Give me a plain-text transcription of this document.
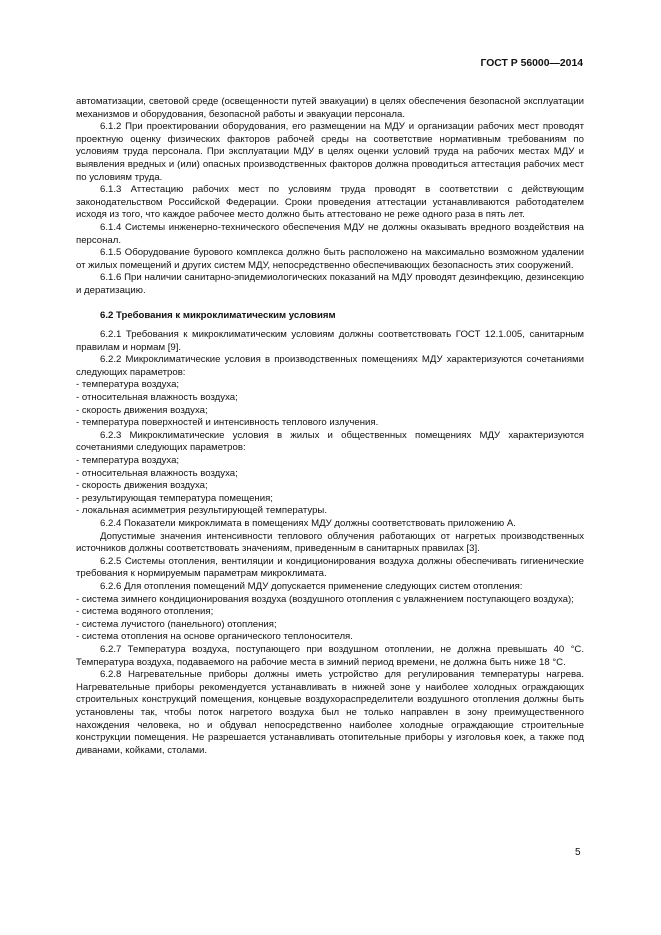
ГОСТ Р 56000—2014

автоматизации, световой среде (освещенности путей эвакуации) в целях обеспечения безопасной эксплуатации механизмов и оборудования, безопасной работы и эвакуации персонала.

6.1.2 При проектировании оборудования, его размещении на МДУ и организации рабочих мест проводят проектную оценку физических факторов рабочей среды на соответствие нормативным требованиям по условиям труда персонала. При эксплуатации МДУ в целях оценки условий труда на рабочих местах МДУ и выявления вредных и (или) опасных производственных факторов должна проводиться аттестация рабочих мест по условиям труда.

6.1.3 Аттестацию рабочих мест по условиям труда проводят в соответствии с действующим законодательством Российской Федерации. Сроки проведения аттестации устанавливаются работодателем исходя из того, что каждое рабочее место должно быть аттестовано не реже одного раза в пять лет.

6.1.4 Системы инженерно-технического обеспечения МДУ не должны оказывать вредного воздействия на персонал.

6.1.5 Оборудование бурового комплекса должно быть расположено на максимально возможном удалении от жилых помещений и других систем МДУ, непосредственно обеспечивающих безопасность этих сооружений.

6.1.6 При наличии санитарно-эпидемиологических показаний на МДУ проводят дезинфекцию, дезинсекцию и дератизацию.

6.2 Требования к микроклиматическим условиям

6.2.1 Требования к микроклиматическим условиям должны соответствовать ГОСТ 12.1.005, санитарным правилам и нормам [9].

6.2.2 Микроклиматические условия в производственных помещениях МДУ характеризуются сочетаниями следующих параметров:

- температура воздуха;

- относительная влажность воздуха;

- скорость движения воздуха;

- температура поверхностей и интенсивность теплового излучения.

6.2.3 Микроклиматические условия в жилых и общественных помещениях МДУ характеризуются сочетаниями следующих параметров:

- температура воздуха;

- относительная влажность воздуха;

- скорость движения воздуха;

- результирующая температура помещения;

- локальная асимметрия результирующей температуры.

6.2.4 Показатели микроклимата в помещениях МДУ должны соответствовать приложению А.

Допустимые значения интенсивности теплового облучения работающих от нагретых производственных источников должны соответствовать значениям, приведенным в санитарных правилах [3].

6.2.5 Системы отопления, вентиляции и кондиционирования воздуха должны обеспечивать гигиенические требования к нормируемым параметрам микроклимата.

6.2.6 Для отопления помещений МДУ допускается применение следующих систем отопления:

- система зимнего кондиционирования воздуха (воздушного отопления с увлажнением поступающего воздуха);

- система водяного отопления;

- система лучистого (панельного) отопления;

- система отопления на основе органического теплоносителя.

6.2.7 Температура воздуха, поступающего при воздушном отоплении, не должна превышать 40 °С. Температура воздуха, подаваемого на рабочие места в зимний период времени, не должна быть ниже 18 °С.

6.2.8 Нагревательные приборы должны иметь устройство для регулирования температуры нагрева. Нагревательные приборы рекомендуется устанавливать в нижней зоне у наиболее холодных ограждающих строительных конструкций помещения, концевые воздухораспределители воздушного отопления должны быть установлены так, чтобы поток нагретого воздуха был не только направлен в зону преимущественного нахождения человека, но и обдувал непосредственно наиболее холодные ограждающие строительные конструкции помещения. Не разрешается устанавливать отопительные приборы у изголовья коек, а также под диванами, койками, столами.

5
